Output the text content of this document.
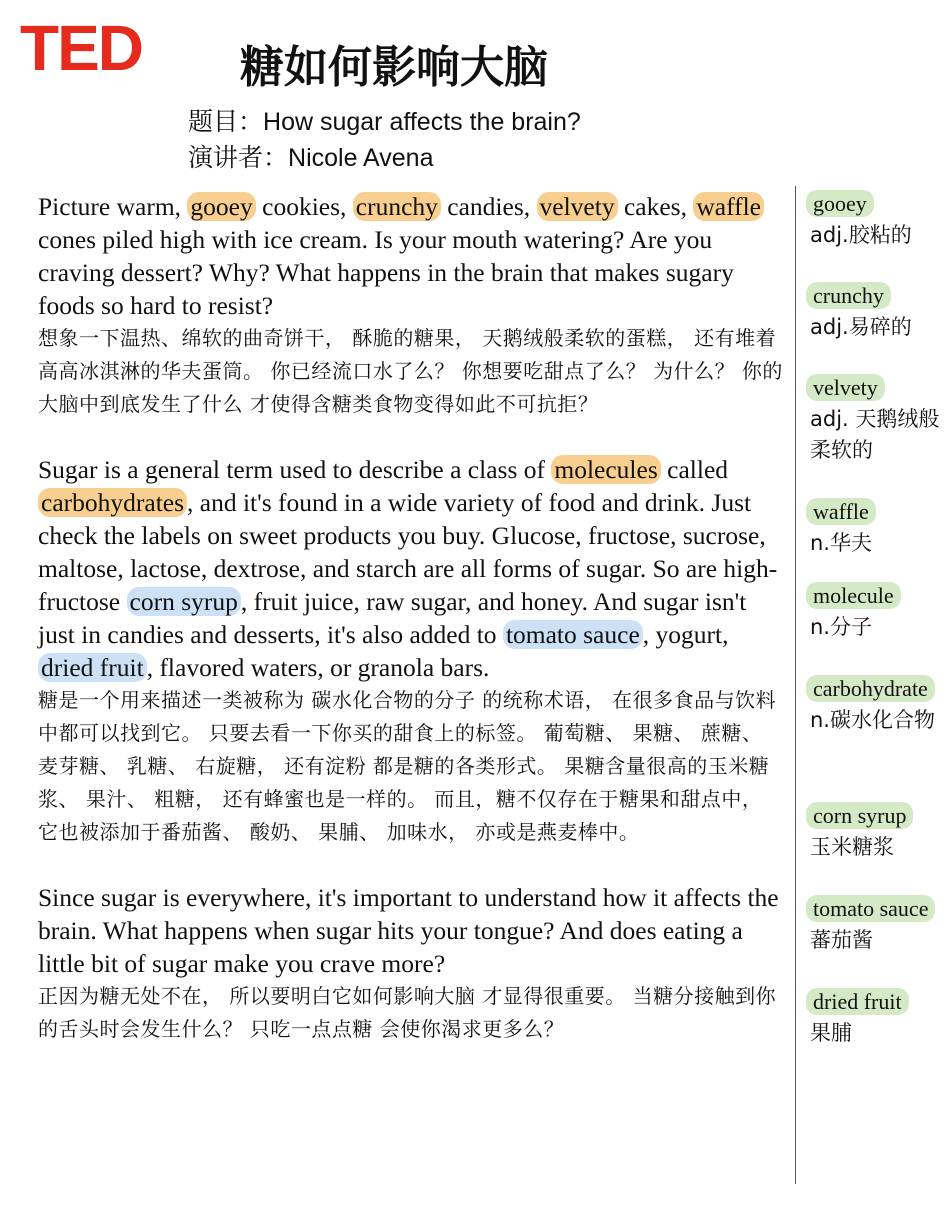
TED 糖如何影响大脑
题目：How sugar affects the brain?
演讲者：Nicole Avena

Picture warm, gooey cookies, crunchy candies, velvety cakes, waffle cones piled high with ice cream. Is your mouth watering? Are you craving dessert? Why? What happens in the brain that makes sugary foods so hard to resist?

想象一下温热、绵软的曲奇饼干， 酥脆的糖果， 天鹅绒般柔软的蛋糕， 还有堆着高高冰淇淋的华夫蛋筒。 你已经流口水了么？ 你想要吃甜点了么？ 为什么？ 你的大脑中到底发生了什么 才使得含糖类食物变得如此不可抗拒？

Sugar is a general term used to describe a class of molecules called carbohydrates , and it's found in a wide variety of food and drink. Just check the labels on sweet products you buy. Glucose, fructose, sucrose, maltose, lactose, dextrose, and starch are all forms of sugar. So are high-fructose corn syrup , fruit juice, raw sugar, and honey. And sugar isn't just in candies and desserts, it's also added to tomato sauce , yogurt, dried fruit , flavored waters, or granola bars.

糖是一个用来描述一类被称为 碳水化合物的分子 的统称术语， 在很多食品与饮料中都可以找到它。 只要去看一下你买的甜食上的标签。 葡萄糖、 果糖、 蔗糖、 麦芽糖、 乳糖、 右旋糖， 还有淀粉 都是糖的各类形式。 果糖含量很高的玉米糖浆、 果汁、 粗糖， 还有蜂蜜也是一样的。 而且，糖不仅存在于糖果和甜点中， 它也被添加于番茄酱、 酸奶、 果脯、 加味水， 亦或是燕麦棒中。

Since sugar is everywhere, it's important to understand how it affects the brain. What happens when sugar hits your tongue? And does eating a little bit of sugar make you crave more?

正因为糖无处不在， 所以要明白它如何影响大脑 才显得很重要。 当糖分接触到你的舌头时会发生什么？ 只吃一点点糖 会使你渴求更多么？

gooey
adj.胶粘的
crunchy
adj.易碎的
velvety
adj. 天鹅绒般柔软的
waffle
n.华夫
molecule
n.分子
carbohydrate
n.碳水化合物
corn syrup
玉米糖浆
tomato sauce
蕃茄酱
dried fruit
果脯
